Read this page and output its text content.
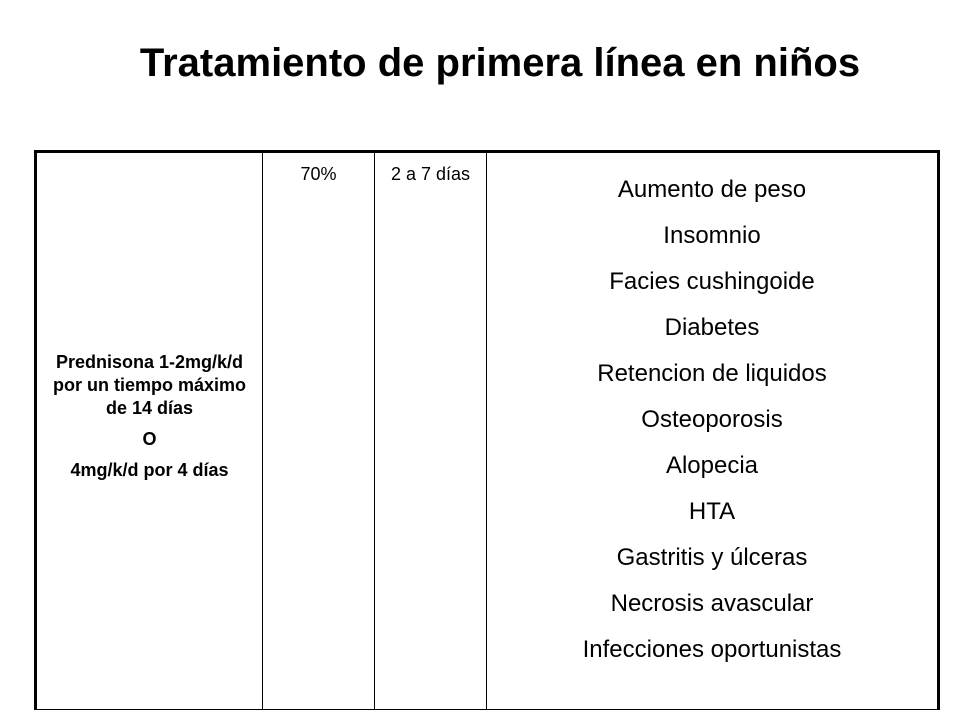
Tratamiento de primera línea en niños

Prednisona 1-2mg/k/d por un tiempo máximo de 14 días

O

4mg/k/d por 4 días

70%	2 a 7 días
Aumento de peso
Insomnio
Facies cushingoide
Diabetes
Retencion de liquidos
Osteoporosis
Alopecia
HTA
Gastritis y úlceras
Necrosis avascular
Infecciones oportunistas
